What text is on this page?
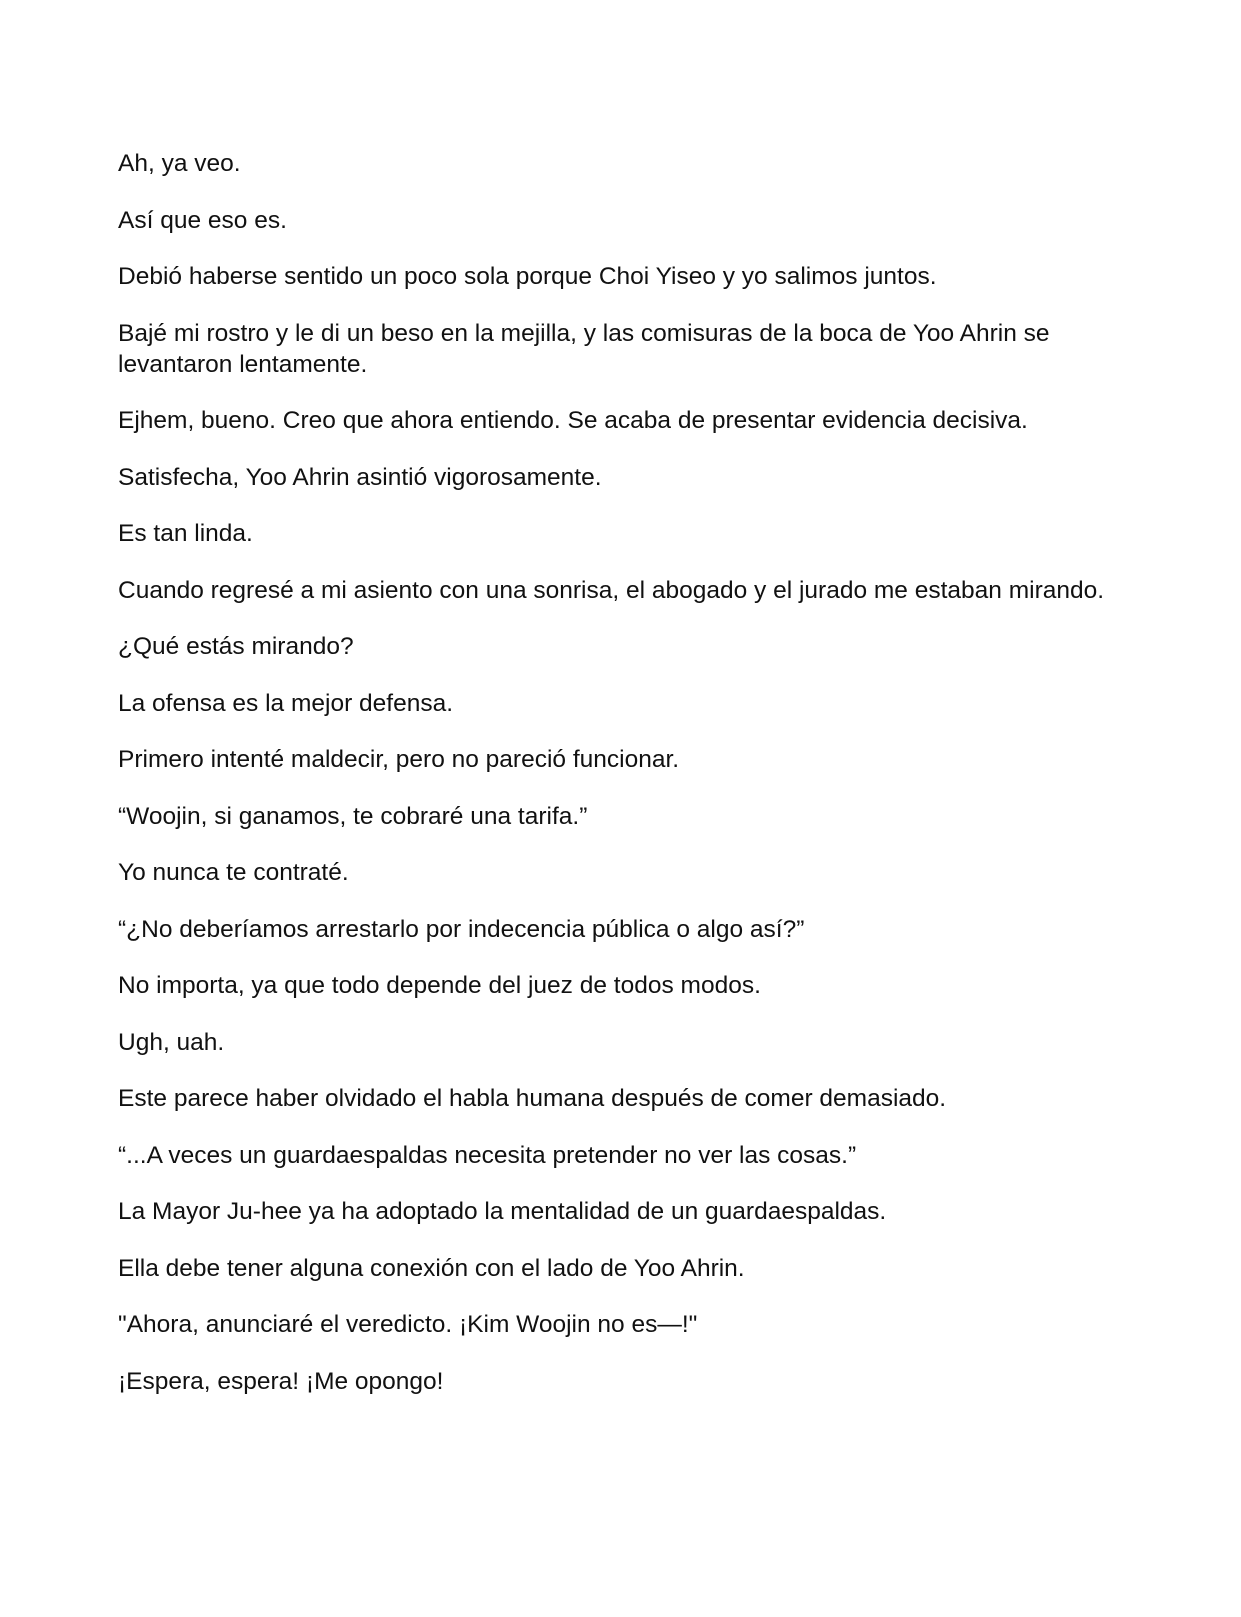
Ah, ya veo.

Así que eso es.

Debió haberse sentido un poco sola porque Choi Yiseo y yo salimos juntos.

Bajé mi rostro y le di un beso en la mejilla, y las comisuras de la boca de Yoo Ahrin se levantaron lentamente.

Ejhem, bueno. Creo que ahora entiendo. Se acaba de presentar evidencia decisiva.

Satisfecha, Yoo Ahrin asintió vigorosamente.

Es tan linda.

Cuando regresé a mi asiento con una sonrisa, el abogado y el jurado me estaban mirando.

¿Qué estás mirando?

La ofensa es la mejor defensa.

Primero intenté maldecir, pero no pareció funcionar.

“Woojin, si ganamos, te cobraré una tarifa.”

Yo nunca te contraté.

“¿No deberíamos arrestarlo por indecencia pública o algo así?”

No importa, ya que todo depende del juez de todos modos.

Ugh, uah.

Este parece haber olvidado el habla humana después de comer demasiado.

“...A veces un guardaespaldas necesita pretender no ver las cosas.”

La Mayor Ju-hee ya ha adoptado la mentalidad de un guardaespaldas.

Ella debe tener alguna conexión con el lado de Yoo Ahrin.

"Ahora, anunciaré el veredicto. ¡Kim Woojin no es—!"

¡Espera, espera! ¡Me opongo!
